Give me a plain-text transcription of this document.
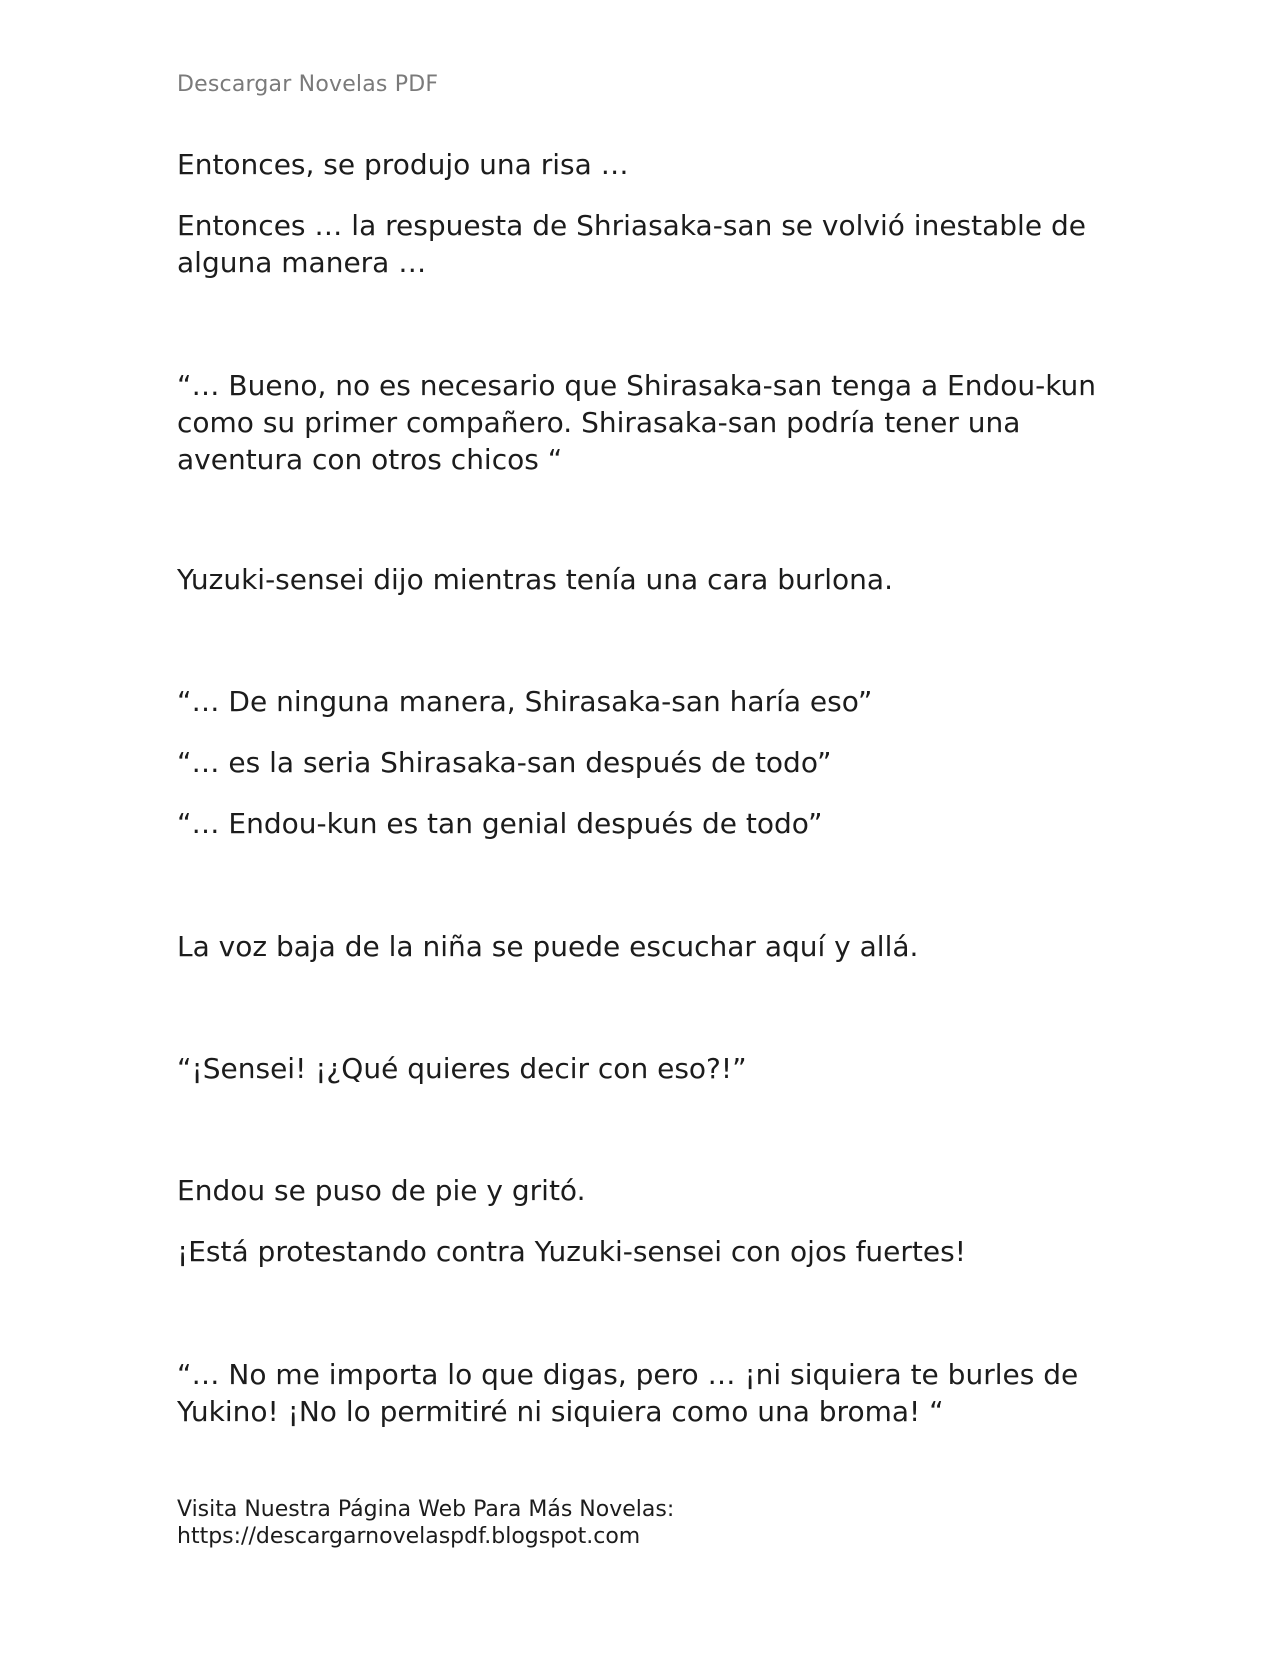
Descargar Novelas PDF

Entonces, se produjo una risa …

Entonces … la respuesta de Shriasaka-san se volvió inestable de alguna manera …

“… Bueno, no es necesario que Shirasaka-san tenga a Endou-kun como su primer compañero. Shirasaka-san podría tener una aventura con otros chicos “

Yuzuki-sensei dijo mientras tenía una cara burlona.

“… De ninguna manera, Shirasaka-san haría eso”

“… es la seria Shirasaka-san después de todo”

“… Endou-kun es tan genial después de todo”

La voz baja de la niña se puede escuchar aquí y allá.

“¡Sensei! ¡¿Qué quieres decir con eso?!”

Endou se puso de pie y gritó.

¡Está protestando contra Yuzuki-sensei con ojos fuertes!

“… No me importa lo que digas, pero … ¡ni siquiera te burles de Yukino! ¡No lo permitiré ni siquiera como una broma! “

Visita Nuestra Página Web Para Más Novelas:
https://descargarnovelaspdf.blogspot.com
